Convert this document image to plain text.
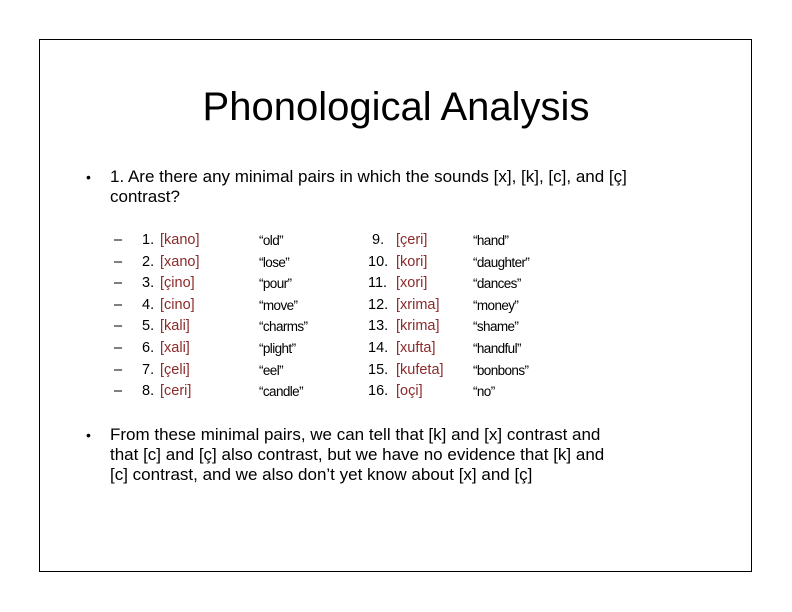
Phonological Analysis
• 1. Are there any minimal pairs in which the sounds [x], [k], [c], and [ç]
contrast?
–
–
–
–
–
–
–
–
1. [kano]
2. [xano]
3. [çino]
4. [cino]
5. [kali]
6. [xali]
7. [çeli]
8. [ceri]
“old”
“lose”
“pour”
“move”
“charms”
“plight”
“eel”
“candle”
9. [çeri]
10. [kori]
11. [xori]
12. [xrima]
13. [krima]
14. [xufta]
15. [kufeta]
16. [oçi]
“hand”
“daughter”
“dances”
“money”
“shame”
“handful”
“bonbons”
“no”
• From these minimal pairs, we can tell that [k] and [x] contrast and
that [c] and [ç] also contrast, but we have no evidence that [k] and
[c] contrast, and we also don’t yet know about [x] and [ç]
